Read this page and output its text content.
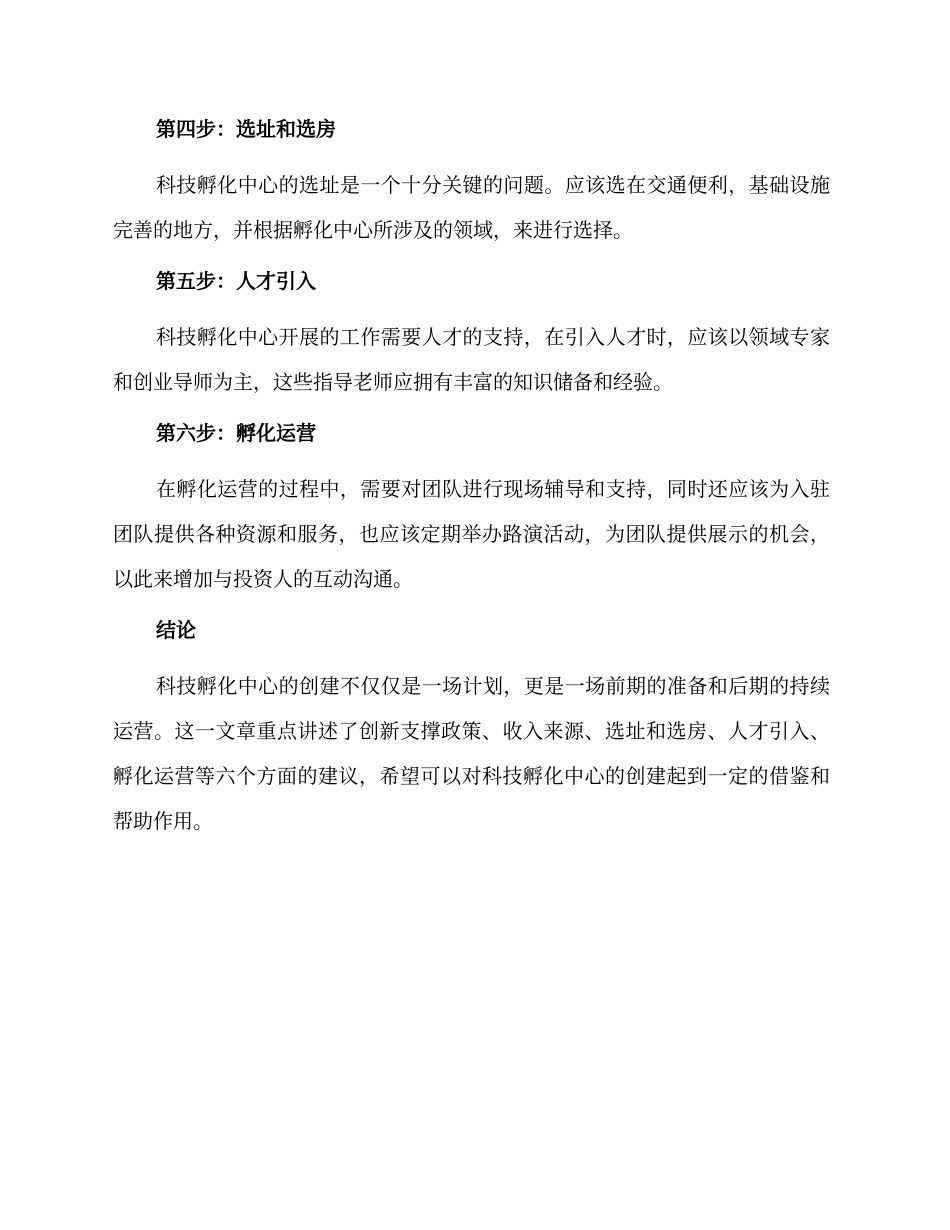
第四步：选址和选房

科技孵化中心的选址是一个十分关键的问题。应该选在交通便利，基础设施完善的地方，并根据孵化中心所涉及的领域，来进行选择。

第五步：人才引入

科技孵化中心开展的工作需要人才的支持，在引入人才时，应该以领域专家和创业导师为主，这些指导老师应拥有丰富的知识储备和经验。

第六步：孵化运营

在孵化运营的过程中，需要对团队进行现场辅导和支持，同时还应该为入驻团队提供各种资源和服务，也应该定期举办路演活动，为团队提供展示的机会，以此来增加与投资人的互动沟通。

结论

科技孵化中心的创建不仅仅是一场计划，更是一场前期的准备和后期的持续运营。这一文章重点讲述了创新支撑政策、收入来源、选址和选房、人才引入、孵化运营等六个方面的建议，希望可以对科技孵化中心的创建起到一定的借鉴和帮助作用。
